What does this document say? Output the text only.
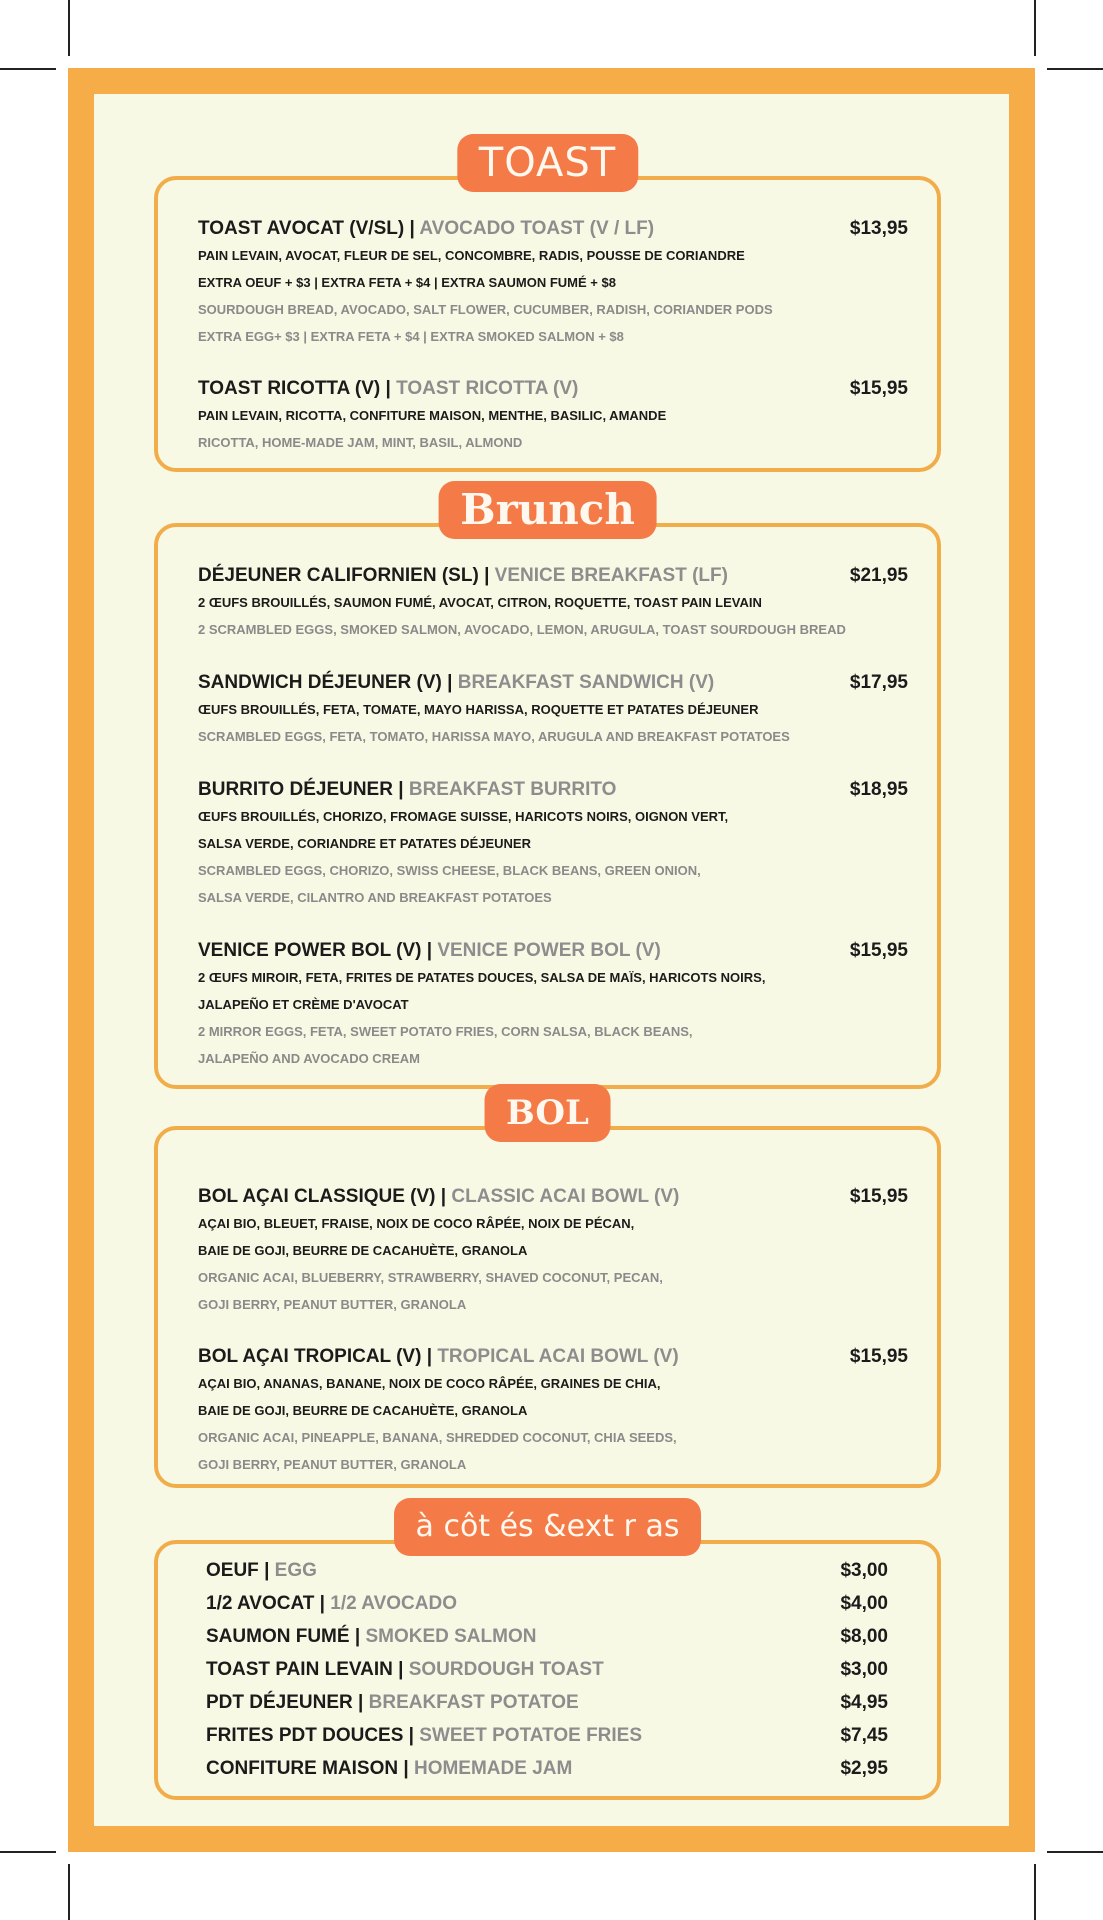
TOAST
TOAST AVOCAT (V/SL) | AVOCADO TOAST (V / LF)	$13,95
PAIN LEVAIN, AVOCAT, FLEUR DE SEL, CONCOMBRE, RADIS, POUSSE DE CORIANDRE
EXTRA OEUF + $3 | EXTRA FETA + $4 | EXTRA SAUMON FUMÉ + $8
SOURDOUGH BREAD, AVOCADO, SALT FLOWER, CUCUMBER, RADISH, CORIANDER PODS
EXTRA EGG+ $3 | EXTRA FETA + $4 | EXTRA SMOKED SALMON + $8
TOAST RICOTTA (V) | TOAST RICOTTA (V)	$15,95
PAIN LEVAIN, RICOTTA, CONFITURE MAISON, MENTHE, BASILIC, AMANDE
RICOTTA, HOME-MADE JAM, MINT, BASIL, ALMOND
Brunch
DÉJEUNER CALIFORNIEN (SL) | VENICE BREAKFAST (LF)	$21,95
2 ŒUFS BROUILLÉS, SAUMON FUMÉ, AVOCAT, CITRON, ROQUETTE, TOAST PAIN LEVAIN
2 SCRAMBLED EGGS, SMOKED SALMON, AVOCADO, LEMON, ARUGULA, TOAST SOURDOUGH BREAD
SANDWICH DÉJEUNER (V) | BREAKFAST SANDWICH (V)	$17,95
ŒUFS BROUILLÉS, FETA, TOMATE, MAYO HARISSA, ROQUETTE ET PATATES DÉJEUNER
SCRAMBLED EGGS, FETA, TOMATO, HARISSA MAYO, ARUGULA AND BREAKFAST POTATOES
BURRITO DÉJEUNER | BREAKFAST BURRITO	$18,95
ŒUFS BROUILLÉS, CHORIZO, FROMAGE SUISSE, HARICOTS NOIRS, OIGNON VERT,
SALSA VERDE, CORIANDRE ET PATATES DÉJEUNER
SCRAMBLED EGGS, CHORIZO, SWISS CHEESE, BLACK BEANS, GREEN ONION,
SALSA VERDE, CILANTRO AND BREAKFAST POTATOES
VENICE POWER BOL (V) | VENICE POWER BOL (V)	$15,95
2 ŒUFS MIROIR, FETA, FRITES DE PATATES DOUCES, SALSA DE MAÏS, HARICOTS NOIRS,
JALAPEÑO ET CRÈME D'AVOCAT
2 MIRROR EGGS, FETA, SWEET POTATO FRIES, CORN SALSA, BLACK BEANS,
JALAPEÑO AND AVOCADO CREAM
BOL
BOL AÇAI CLASSIQUE (V) | CLASSIC ACAI BOWL (V)	$15,95
AÇAI BIO, BLEUET, FRAISE, NOIX DE COCO RÂPÉE, NOIX DE PÉCAN,
BAIE DE GOJI, BEURRE DE CACAHUÈTE, GRANOLA
ORGANIC ACAI, BLUEBERRY, STRAWBERRY, SHAVED COCONUT, PECAN,
GOJI BERRY, PEANUT BUTTER, GRANOLA
BOL AÇAI TROPICAL (V) | TROPICAL ACAI BOWL (V)	$15,95
AÇAI BIO, ANANAS, BANANE, NOIX DE COCO RÂPÉE, GRAINES DE CHIA,
BAIE DE GOJI, BEURRE DE CACAHUÈTE, GRANOLA
ORGANIC ACAI, PINEAPPLE, BANANA, SHREDDED COCONUT, CHIA SEEDS,
GOJI BERRY, PEANUT BUTTER, GRANOLA
à côt és &ext r as
OEUF | EGG	$3,00
1/2 AVOCAT | 1/2 AVOCADO	$4,00
SAUMON FUMÉ | SMOKED SALMON	$8,00
TOAST PAIN LEVAIN | SOURDOUGH TOAST	$3,00
PDT DÉJEUNER | BREAKFAST POTATOE	$4,95
FRITES PDT DOUCES | SWEET POTATOE FRIES	$7,45
CONFITURE MAISON | HOMEMADE JAM	$2,95
